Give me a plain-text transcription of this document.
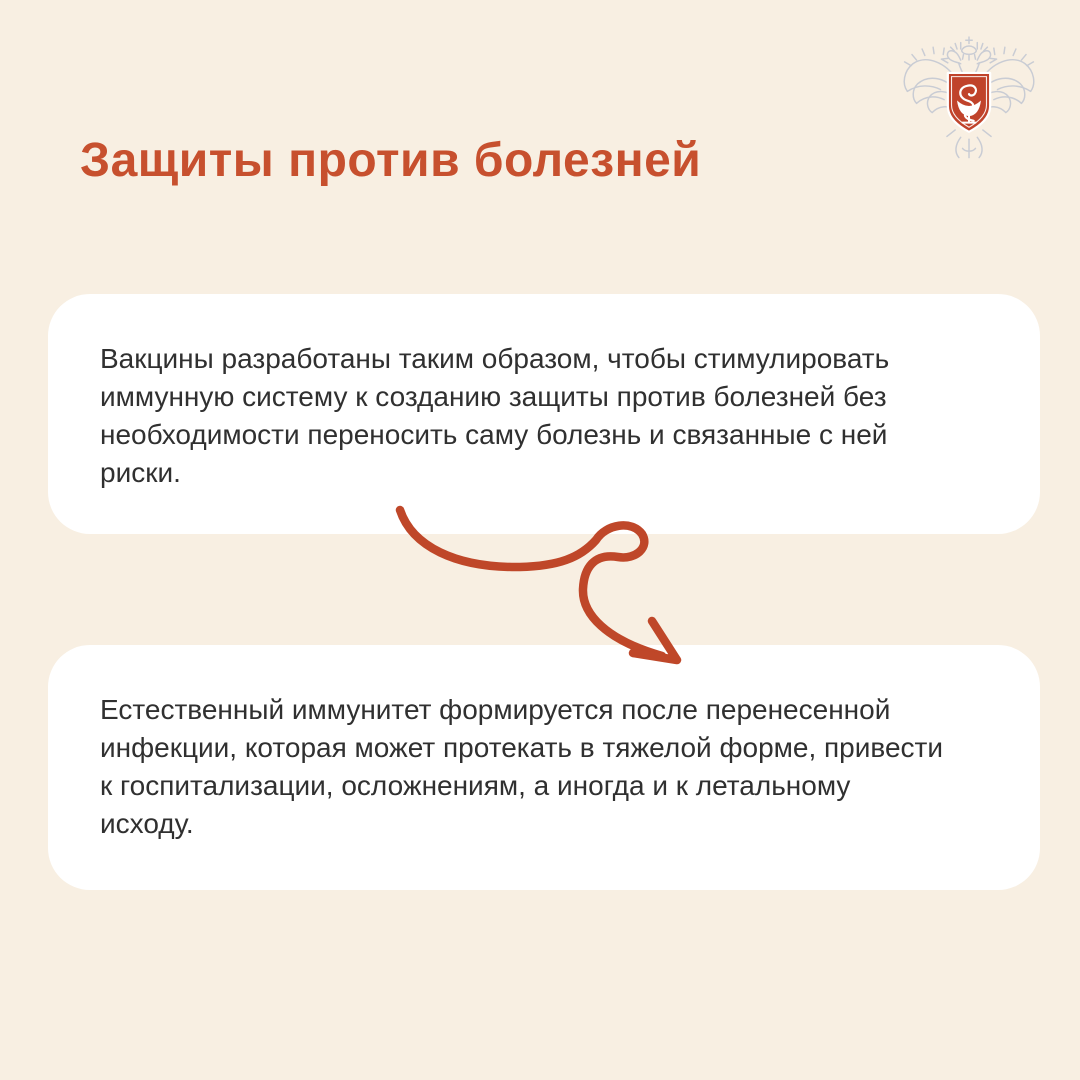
Защиты против болезней
Вакцины разработаны таким образом, чтобы стимулировать
иммунную систему к созданию защиты против болезней без
необходимости переносить саму болезнь и связанные с ней
риски.
Естественный иммунитет формируется после перенесенной
инфекции, которая может протекать в тяжелой форме, привести
к госпитализации, осложнениям, а иногда и к летальному
исходу.
